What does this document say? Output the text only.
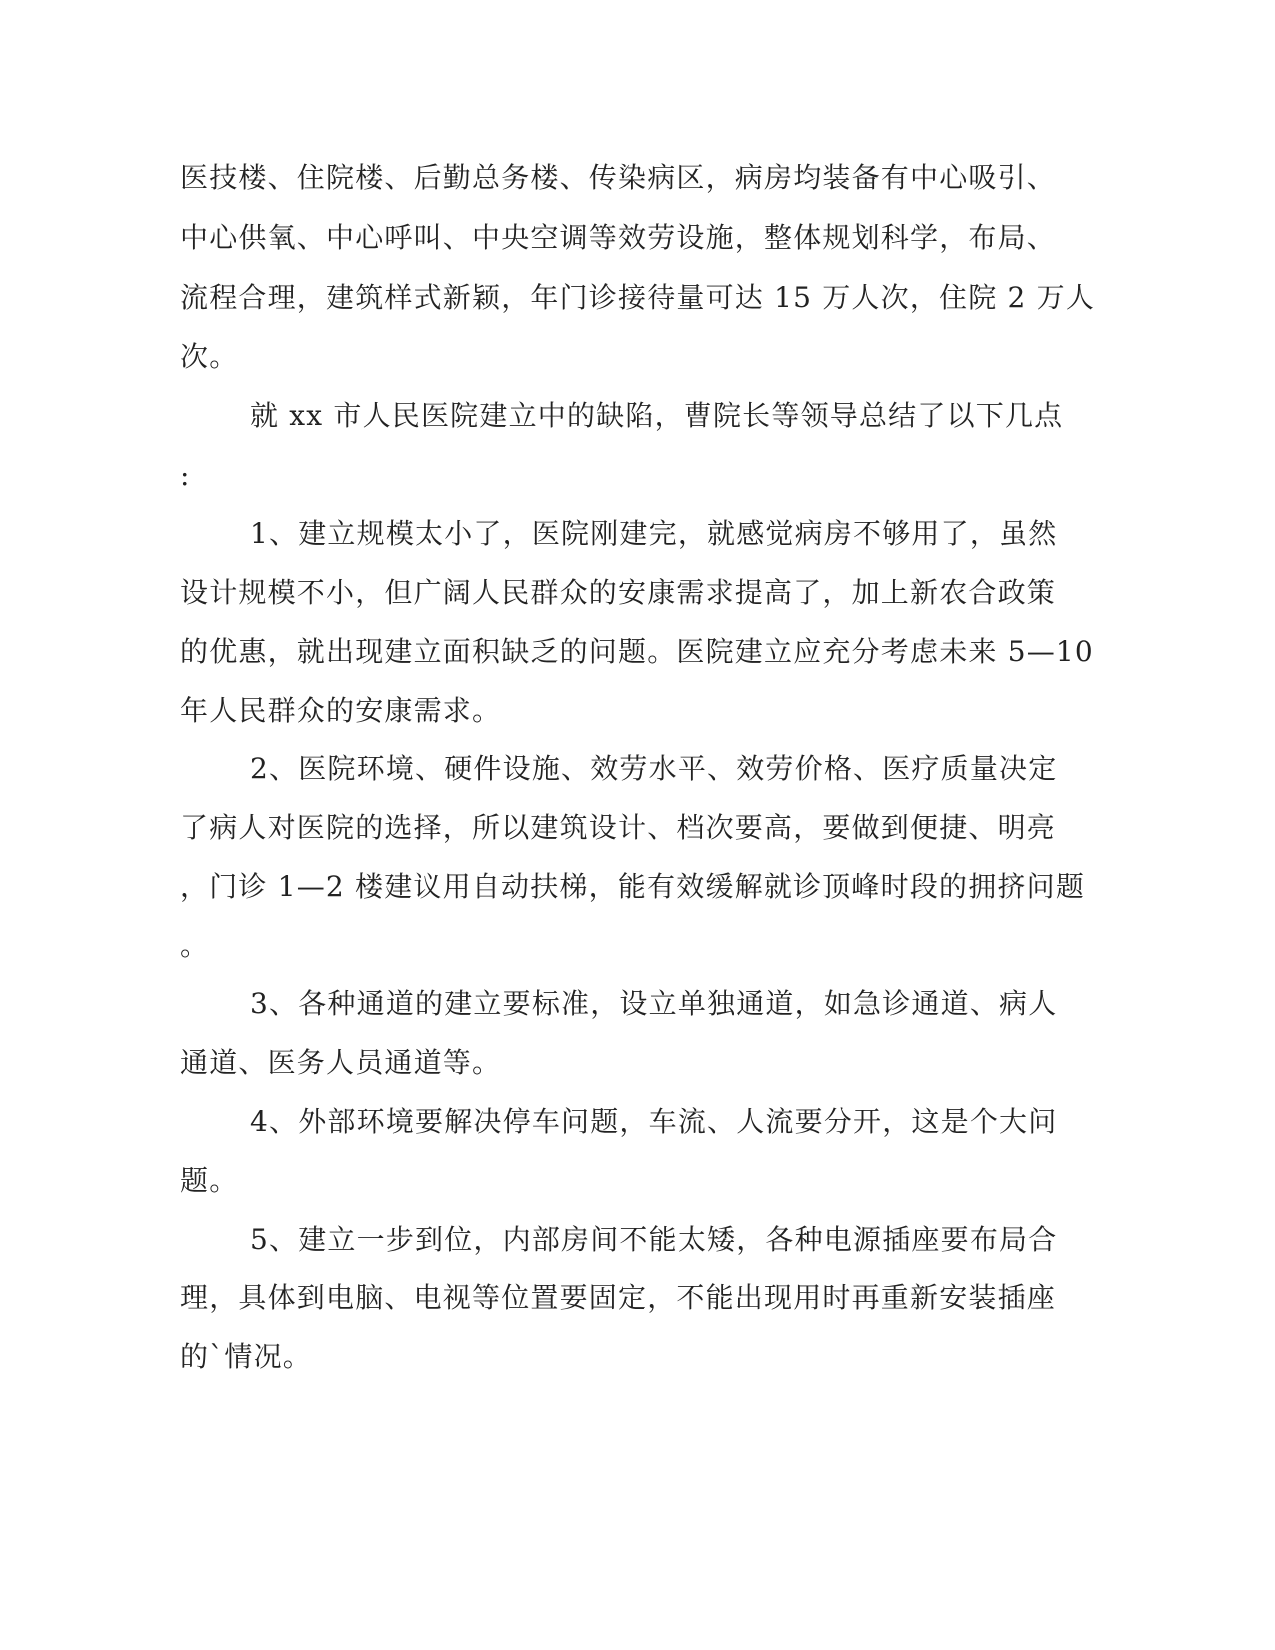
医技楼、住院楼、后勤总务楼、传染病区，病房均装备有中心吸引、
中心供氧、中心呼叫、中央空调等效劳设施，整体规划科学，布局、
流程合理，建筑样式新颖，年门诊接待量可达 15 万人次，住院 2 万人
次。
就 xx 市人民医院建立中的缺陷，曹院长等领导总结了以下几点
:
1、建立规模太小了，医院刚建完，就感觉病房不够用了，虽然
设计规模不小，但广阔人民群众的安康需求提高了，加上新农合政策
的优惠，就出现建立面积缺乏的问题。医院建立应充分考虑未来 5—10
年人民群众的安康需求。
2、医院环境、硬件设施、效劳水平、效劳价格、医疗质量决定
了病人对医院的选择，所以建筑设计、档次要高，要做到便捷、明亮
，门诊 1—2 楼建议用自动扶梯，能有效缓解就诊顶峰时段的拥挤问题
。
3、各种通道的建立要标准，设立单独通道，如急诊通道、病人
通道、医务人员通道等。
4、外部环境要解决停车问题，车流、人流要分开，这是个大问
题。
5、建立一步到位，内部房间不能太矮，各种电源插座要布局合
理，具体到电脑、电视等位置要固定，不能出现用时再重新安装插座
的`情况。
